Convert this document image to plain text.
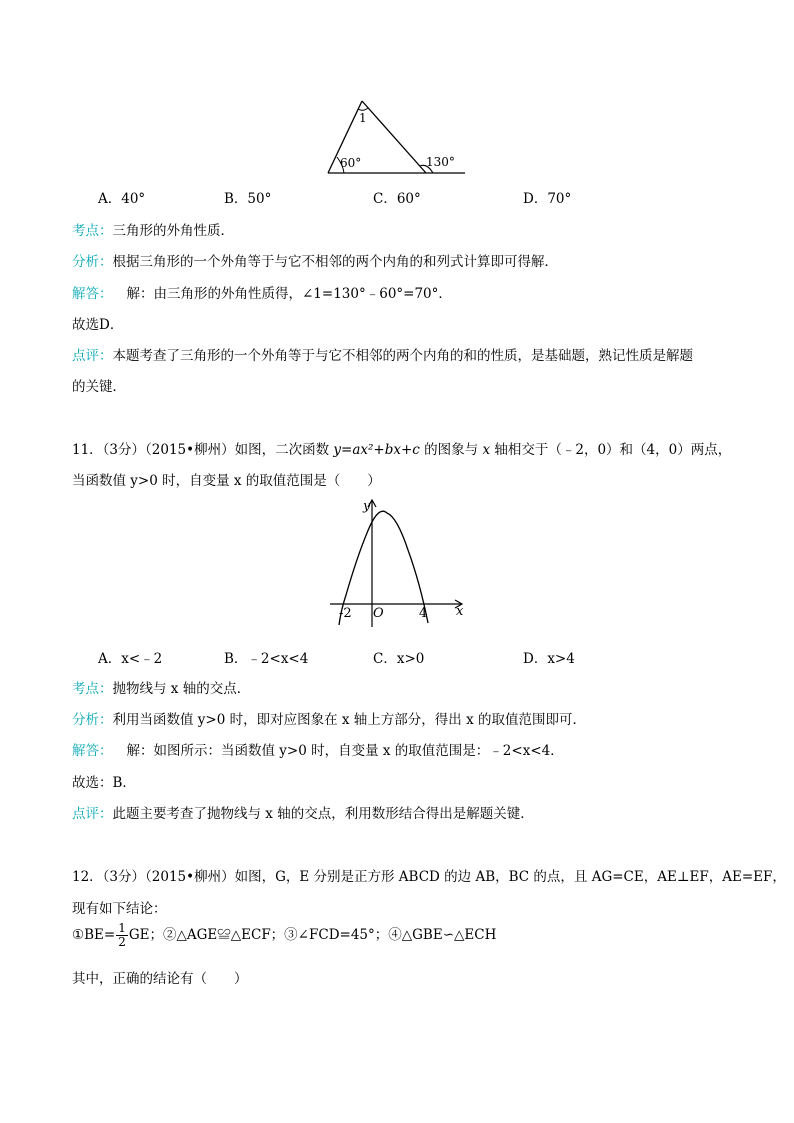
1
60°	130°
A．40°	B．50°	C．60°	D．70°
考点：三角形的外角性质．
分析：根据三角形的一个外角等于与它不相邻的两个内角的和列式计算即可得解．
解答： 解：由三角形的外角性质得，∠1=130°﹣60°=70°．
故选D．
点评：本题考查了三角形的一个外角等于与它不相邻的两个内角的和的性质，是基础题，熟记性质是解题
的关键．
11．（3分）（2015•柳州）如图，二次函数 y=ax²+bx+c 的图象与 x 轴相交于（﹣2，0）和（4，0）两点，
当函数值 y>0 时，自变量 x 的取值范围是（　　）
y
x
O
-2	4
A．x<﹣2	B．﹣2<x<4	C．x>0	D．x>4
考点：抛物线与 x 轴的交点．
分析：利用当函数值 y>0 时，即对应图象在 x 轴上方部分，得出 x 的取值范围即可．
解答： 解：如图所示：当函数值 y>0 时，自变量 x 的取值范围是：﹣2<x<4．
故选：B．
点评：此题主要考查了抛物线与 x 轴的交点，利用数形结合得出是解题关键．
12．（3分）（2015•柳州）如图，G，E 分别是正方形 ABCD 的边 AB，BC 的点，且 AG=CE，AE⊥EF，AE=EF，
现有如下结论：
①BE= $\frac{1}{2}$ GE；②△AGE≌△ECF；③∠FCD=45°；④△GBE∽△ECH
其中，正确的结论有（　　）
